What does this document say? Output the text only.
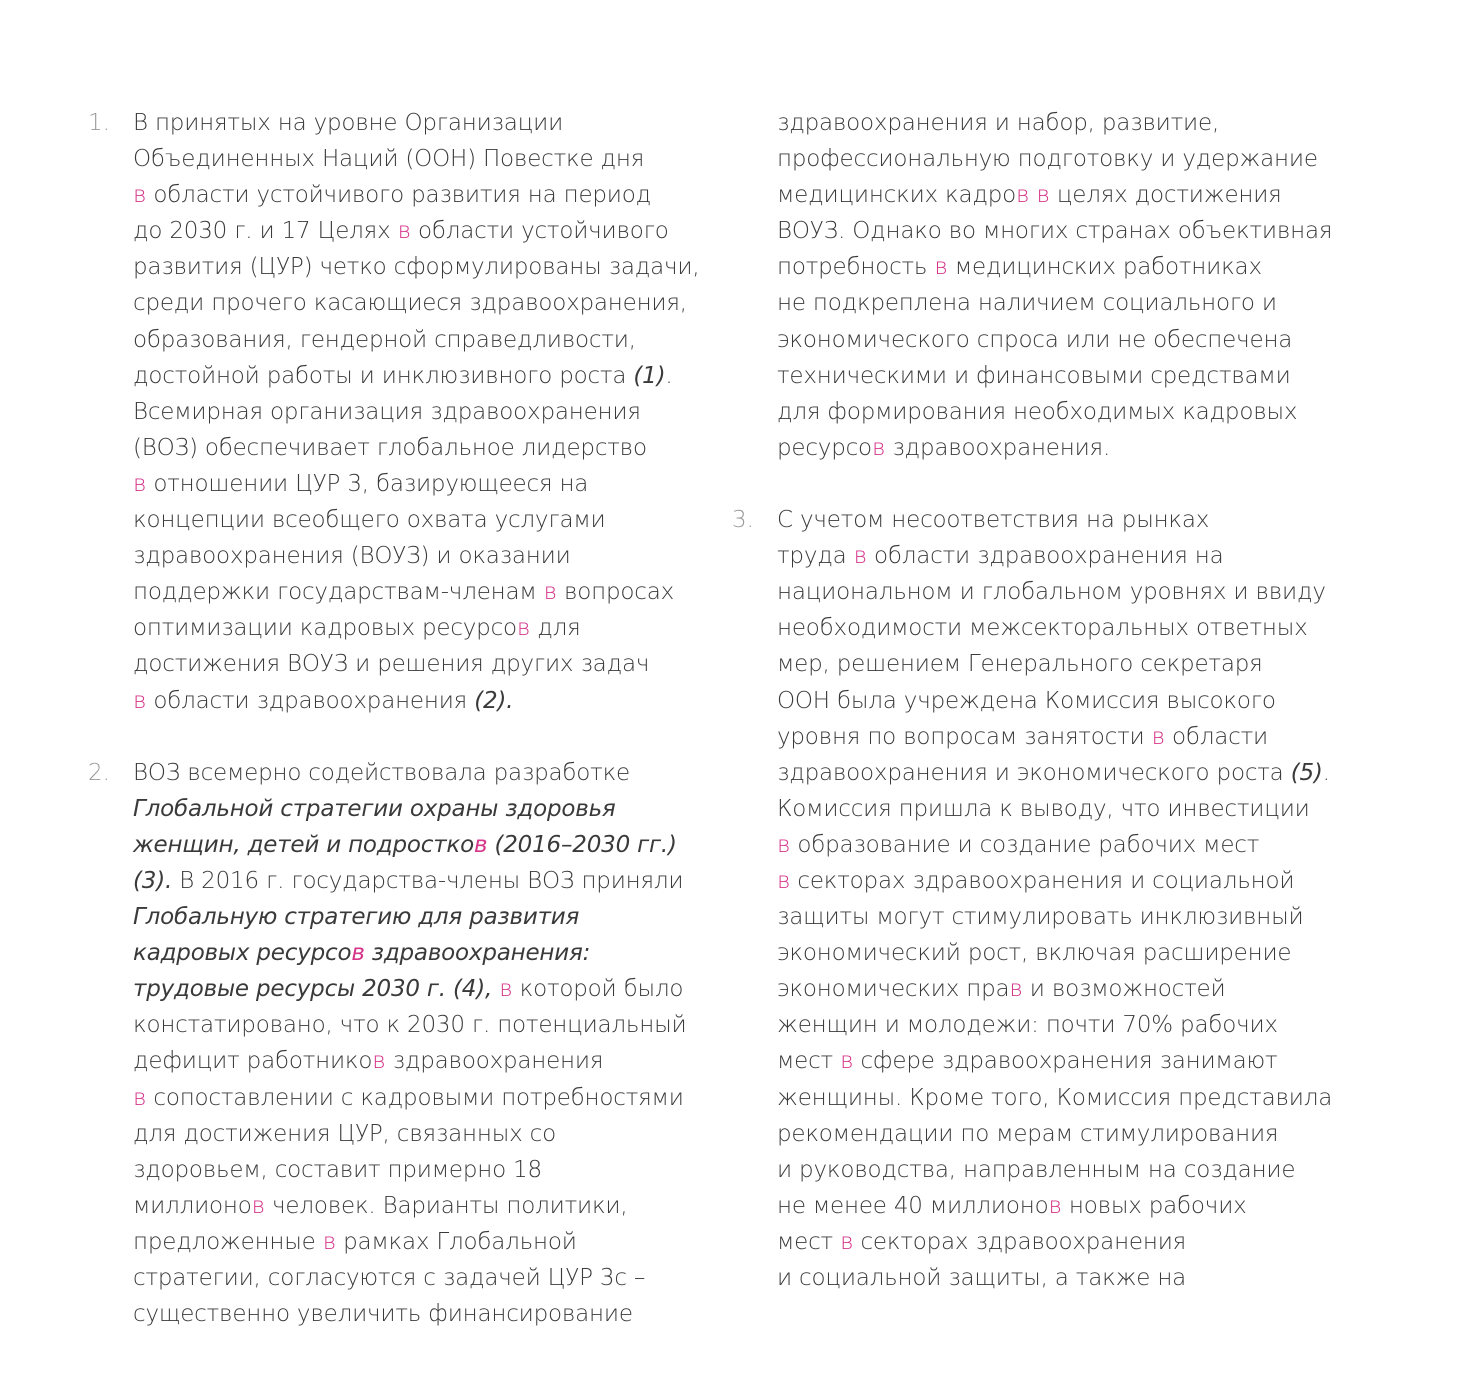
1. В принятых на уровне Организации
Объединенных Наций (ООН) Повестке дня
в области устойчивого развития на период
до 2030 г. и 17 Целях в области устойчивого
развития (ЦУР) четко сформулированы задачи,
среди прочего касающиеся здравоохранения,
образования, гендерной справедливости,
достойной работы и инклюзивного роста (1).
Всемирная организация здравоохранения
(ВОЗ) обеспечивает глобальное лидерство
в отношении ЦУР 3, базирующееся на
концепции всеобщего охвата услугами
здравоохранения (ВОУЗ) и оказании
поддержки государствам-членам в вопросах
оптимизации кадровых ресурсов для
достижения ВОУЗ и решения других задач
в области здравоохранения (2).
2. ВОЗ всемерно содействовала разработке
Глобальной стратегии охраны здоровья
женщин, детей и подростков (2016–2030 гг.)
(3). В 2016 г. государства-члены ВОЗ приняли
Глобальную стратегию для развития
кадровых ресурсов здравоохранения:
трудовые ресурсы 2030 г. (4), в которой было
констатировано, что к 2030 г. потенциальный
дефицит работников здравоохранения
в сопоставлении с кадровыми потребностями
для достижения ЦУР, связанных со
здоровьем, составит примерно 18
миллионов человек. Варианты политики,
предложенные в рамках Глобальной
стратегии, согласуются с задачей ЦУР 3с –
существенно увеличить финансирование
здравоохранения и набор, развитие,
профессиональную подготовку и удержание
медицинских кадров в целях достижения
ВОУЗ. Однако во многих странах объективная
потребность в медицинских работниках
не подкреплена наличием социального и
экономического спроса или не обеспечена
техническими и финансовыми средствами
для формирования необходимых кадровых
ресурсов здравоохранения.
3. С учетом несоответствия на рынках
труда в области здравоохранения на
национальном и глобальном уровнях и ввиду
необходимости межсекторальных ответных
мер, решением Генерального секретаря
ООН была учреждена Комиссия высокого
уровня по вопросам занятости в области
здравоохранения и экономического роста (5).
Комиссия пришла к выводу, что инвестиции
в образование и создание рабочих мест
в секторах здравоохранения и социальной
защиты могут стимулировать инклюзивный
экономический рост, включая расширение
экономических прав и возможностей
женщин и молодежи: почти 70% рабочих
мест в сфере здравоохранения занимают
женщины. Кроме того, Комиссия представила
рекомендации по мерам стимулирования
и руководства, направленным на создание
не менее 40 миллионов новых рабочих
мест в секторах здравоохранения
и социальной защиты, а также на
